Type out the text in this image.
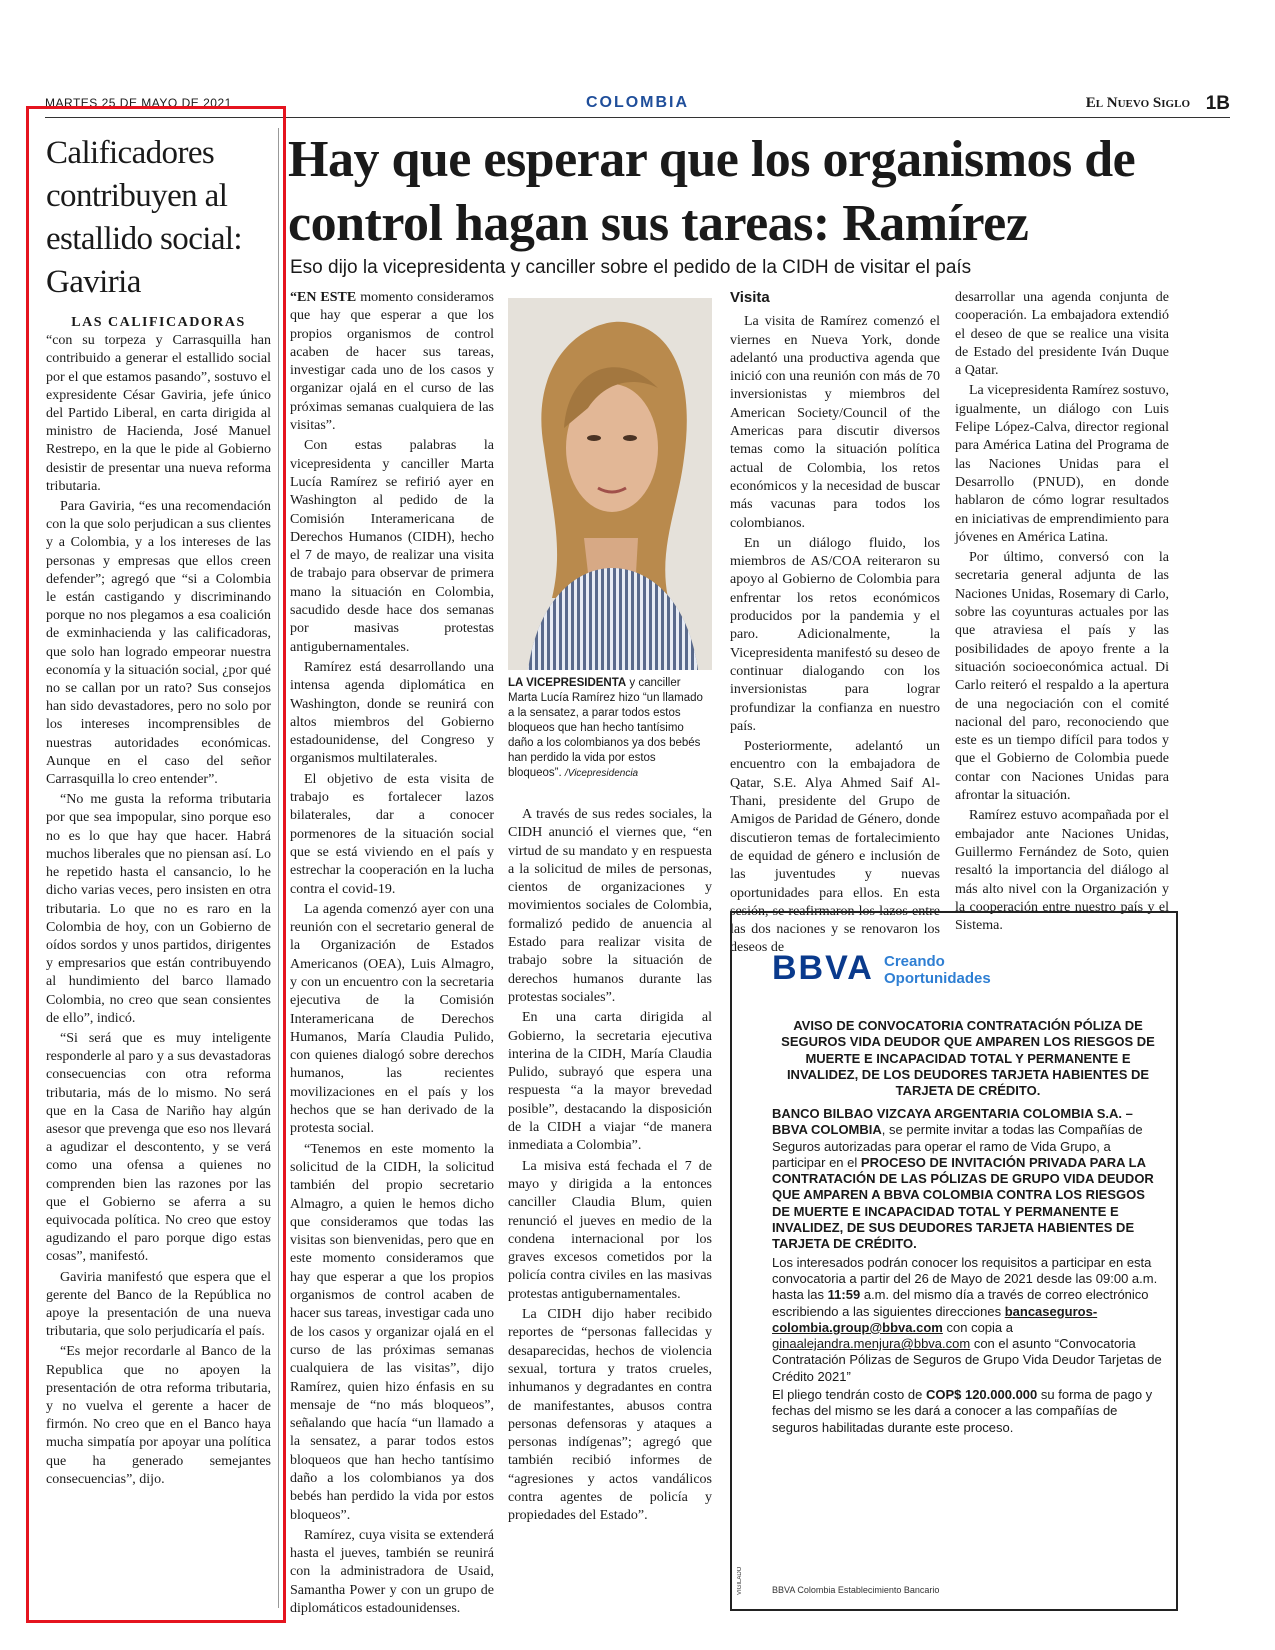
MARTES 25 DE MAYO DE 2021	COLOMBIA	El Nuevo Siglo 1B
Calificadores contribuyen al estallido social: Gaviria
LAS CALIFICADORAS

“con su torpeza y Carrasquilla han contribuido a generar el estallido social por el que estamos pasando”, sostuvo el expresidente César Gaviria, jefe único del Partido Liberal, en carta dirigida al ministro de Hacienda, José Manuel Restrepo, en la que le pide al Gobierno desistir de presentar una nueva reforma tributaria.

Para Gaviria, “es una recomendación con la que solo perjudican a sus clientes y a Colombia, y a los intereses de las personas y empresas que ellos creen defender”; agregó que “si a Colombia le están castigando y discriminando porque no nos plegamos a esa coalición de exminhacienda y las calificadoras, que solo han logrado empeorar nuestra economía y la situación social, ¿por qué no se callan por un rato? Sus consejos han sido devastadores, pero no solo por los intereses incomprensibles de nuestras autoridades económicas. Aunque en el caso del señor Carrasquilla lo creo entender”.

“No me gusta la reforma tributaria por que sea impopular, sino porque eso no es lo que hay que hacer. Habrá muchos liberales que no piensan así. Lo he repetido hasta el cansancio, lo he dicho varias veces, pero insisten en otra tributaria. Lo que no es raro en la Colombia de hoy, con un Gobierno de oídos sordos y unos partidos, dirigentes y empresarios que están contribuyendo al hundimiento del barco llamado Colombia, no creo que sean consientes de ello”, indicó.

“Si será que es muy inteligente responderle al paro y a sus devastadoras consecuencias con otra reforma tributaria, más de lo mismo. No será que en la Casa de Nariño hay algún asesor que prevenga que eso nos llevará a agudizar el descontento, y se verá como una ofensa a quienes no comprenden bien las razones por las que el Gobierno se aferra a su equivocada política. No creo que estoy agudizando el paro porque digo estas cosas”, manifestó.

Gaviria manifestó que espera que el gerente del Banco de la República no apoye la presentación de una nueva tributaria, que solo perjudicaría el país.

“Es mejor recordarle al Banco de la Republica que no apoyen la presentación de otra reforma tributaria, y no vuelva el gerente a hacer de firmón. No creo que en el Banco haya mucha simpatía por apoyar una política que ha generado semejantes consecuencias”, dijo.

Hay que esperar que los organismos de control hagan sus tareas: Ramírez
Eso dijo la vicepresidenta y canciller sobre el pedido de la CIDH de visitar el país

“EN ESTE momento consideramos que hay que esperar a que los propios organismos de control acaben de hacer sus tareas, investigar cada uno de los casos y organizar ojalá en el curso de las próximas semanas cualquiera de las visitas”.

Con estas palabras la vicepresidenta y canciller Marta Lucía Ramírez se refirió ayer en Washington al pedido de la Comisión Interamericana de Derechos Humanos (CIDH), hecho el 7 de mayo, de realizar una visita de trabajo para observar de primera mano la situación en Colombia, sacudido desde hace dos semanas por masivas protestas antigubernamentales.

Ramírez está desarrollando una intensa agenda diplomática en Washington, donde se reunirá con altos miembros del Gobierno estadounidense, del Congreso y organismos multilaterales.

El objetivo de esta visita de trabajo es fortalecer lazos bilaterales, dar a conocer pormenores de la situación social que se está viviendo en el país y estrechar la cooperación en la lucha contra el covid-19.

La agenda comenzó ayer con una reunión con el secretario general de la Organización de Estados Americanos (OEA), Luis Almagro, y con un encuentro con la secretaria ejecutiva de la Comisión Interamericana de Derechos Humanos, María Claudia Pulido, con quienes dialogó sobre derechos humanos, las recientes movilizaciones en el país y los hechos que se han derivado de la protesta social.

“Tenemos en este momento la solicitud de la CIDH, la solicitud también del propio secretario Almagro, a quien le hemos dicho que consideramos que todas las visitas son bienvenidas, pero que en este momento consideramos que hay que esperar a que los propios organismos de control acaben de hacer sus tareas, investigar cada uno de los casos y organizar ojalá en el curso de las próximas semanas cualquiera de las visitas”, dijo Ramírez, quien hizo énfasis en su mensaje de “no más bloqueos”, señalando que hacía “un llamado a la sensatez, a parar todos estos bloqueos que han hecho tantísimo daño a los colombianos ya dos bebés han perdido la vida por estos bloqueos”.

Ramírez, cuya visita se extenderá hasta el jueves, también se reunirá con la administradora de Usaid, Samantha Power y con un grupo de diplomáticos estadounidenses.

LA VICEPRESIDENTA y canciller Marta Lucía Ramírez hizo “un llamado a la sensatez, a parar todos estos bloqueos que han hecho tantísimo daño a los colombianos ya dos bebés han perdido la vida por estos bloqueos”. /Vicepresidencia

A través de sus redes sociales, la CIDH anunció el viernes que, “en virtud de su mandato y en respuesta a la solicitud de miles de personas, cientos de organizaciones y movimientos sociales de Colombia, formalizó pedido de anuencia al Estado para realizar visita de trabajo sobre la situación de derechos humanos durante las protestas sociales”.

En una carta dirigida al Gobierno, la secretaria ejecutiva interina de la CIDH, María Claudia Pulido, subrayó que espera una respuesta “a la mayor brevedad posible”, destacando la disposición de la CIDH a viajar “de manera inmediata a Colombia”.

La misiva está fechada el 7 de mayo y dirigida a la entonces canciller Claudia Blum, quien renunció el jueves en medio de la condena internacional por los graves excesos cometidos por la policía contra civiles en las masivas protestas antigubernamentales.

La CIDH dijo haber recibido reportes de “personas fallecidas y desaparecidas, hechos de violencia sexual, tortura y tratos crueles, inhumanos y degradantes en contra de manifestantes, abusos contra personas defensoras y ataques a personas indígenas”; agregó que también recibió informes de “agresiones y actos vandálicos contra agentes de policía y propiedades del Estado”.

Visita

La visita de Ramírez comenzó el viernes en Nueva York, donde adelantó una productiva agenda que inició con una reunión con más de 70 inversionistas y miembros del American Society/Council of the Americas para discutir diversos temas como la situación política actual de Colombia, los retos económicos y la necesidad de buscar más vacunas para todos los colombianos.

En un diálogo fluido, los miembros de AS/COA reiteraron su apoyo al Gobierno de Colombia para enfrentar los retos económicos producidos por la pandemia y el paro. Adicionalmente, la Vicepresidenta manifestó su deseo de continuar dialogando con los inversionistas para lograr profundizar la confianza en nuestro país.

Posteriormente, adelantó un encuentro con la embajadora de Qatar, S.E. Alya Ahmed Saif Al-Thani, presidente del Grupo de Amigos de Paridad de Género, donde discutieron temas de fortalecimiento de equidad de género e inclusión de las juventudes y nuevas oportunidades para ellos. En esta sesión, se reafirmaron los lazos entre las dos naciones y se renovaron los deseos de

desarrollar una agenda conjunta de cooperación. La embajadora extendió el deseo de que se realice una visita de Estado del presidente Iván Duque a Qatar.

La vicepresidenta Ramírez sostuvo, igualmente, un diálogo con Luis Felipe López-Calva, director regional para América Latina del Programa de las Naciones Unidas para el Desarrollo (PNUD), en donde hablaron de cómo lograr resultados en iniciativas de emprendimiento para jóvenes en América Latina.

Por último, conversó con la secretaria general adjunta de las Naciones Unidas, Rosemary di Carlo, sobre las coyunturas actuales por las que atraviesa el país y las posibilidades de apoyo frente a la situación socioeconómica actual. Di Carlo reiteró el respaldo a la apertura de una negociación con el comité nacional del paro, reconociendo que este es un tiempo difícil para todos y que el Gobierno de Colombia puede contar con Naciones Unidas para afrontar la situación.

Ramírez estuvo acompañada por el embajador ante Naciones Unidas, Guillermo Fernández de Soto, quien resaltó la importancia del diálogo al más alto nivel con la Organización y la cooperación entre nuestro país y el Sistema.

BBVA Creando
Oportunidades
AVISO DE CONVOCATORIA CONTRATACIÓN PÓLIZA DE SEGUROS VIDA DEUDOR QUE AMPAREN LOS RIESGOS DE MUERTE E INCAPACIDAD TOTAL Y PERMANENTE E INVALIDEZ, DE LOS DEUDORES TARJETA HABIENTES DE TARJETA DE CRÉDITO.

BANCO BILBAO VIZCAYA ARGENTARIA COLOMBIA S.A. – BBVA COLOMBIA, se permite invitar a todas las Compañías de Seguros autorizadas para operar el ramo de Vida Grupo, a participar en el PROCESO DE INVITACIÓN PRIVADA PARA LA CONTRATACIÓN DE LAS PÓLIZAS DE GRUPO VIDA DEUDOR QUE AMPAREN A BBVA COLOMBIA CONTRA LOS RIESGOS DE MUERTE E INCAPACIDAD TOTAL Y PERMANENTE E INVALIDEZ, DE SUS DEUDORES TARJETA HABIENTES DE TARJETA DE CRÉDITO.

Los interesados podrán conocer los requisitos a participar en esta convocatoria a partir del 26 de Mayo de 2021 desde las 09:00 a.m. hasta las 11:59 a.m. del mismo día a través de correo electrónico escribiendo a las siguientes direcciones bancaseguros-colombia.group@bbva.com con copia a ginaalejandra.menjura@bbva.com con el asunto “Convocatoria Contratación Pólizas de Seguros de Grupo Vida Deudor Tarjetas de Crédito 2021”

El pliego tendrán costo de COP$ 120.000.000 su forma de pago y fechas del mismo se les dará a conocer a las compañías de seguros habilitadas durante este proceso.

VIGILADO	BBVA Colombia Establecimiento Bancario
